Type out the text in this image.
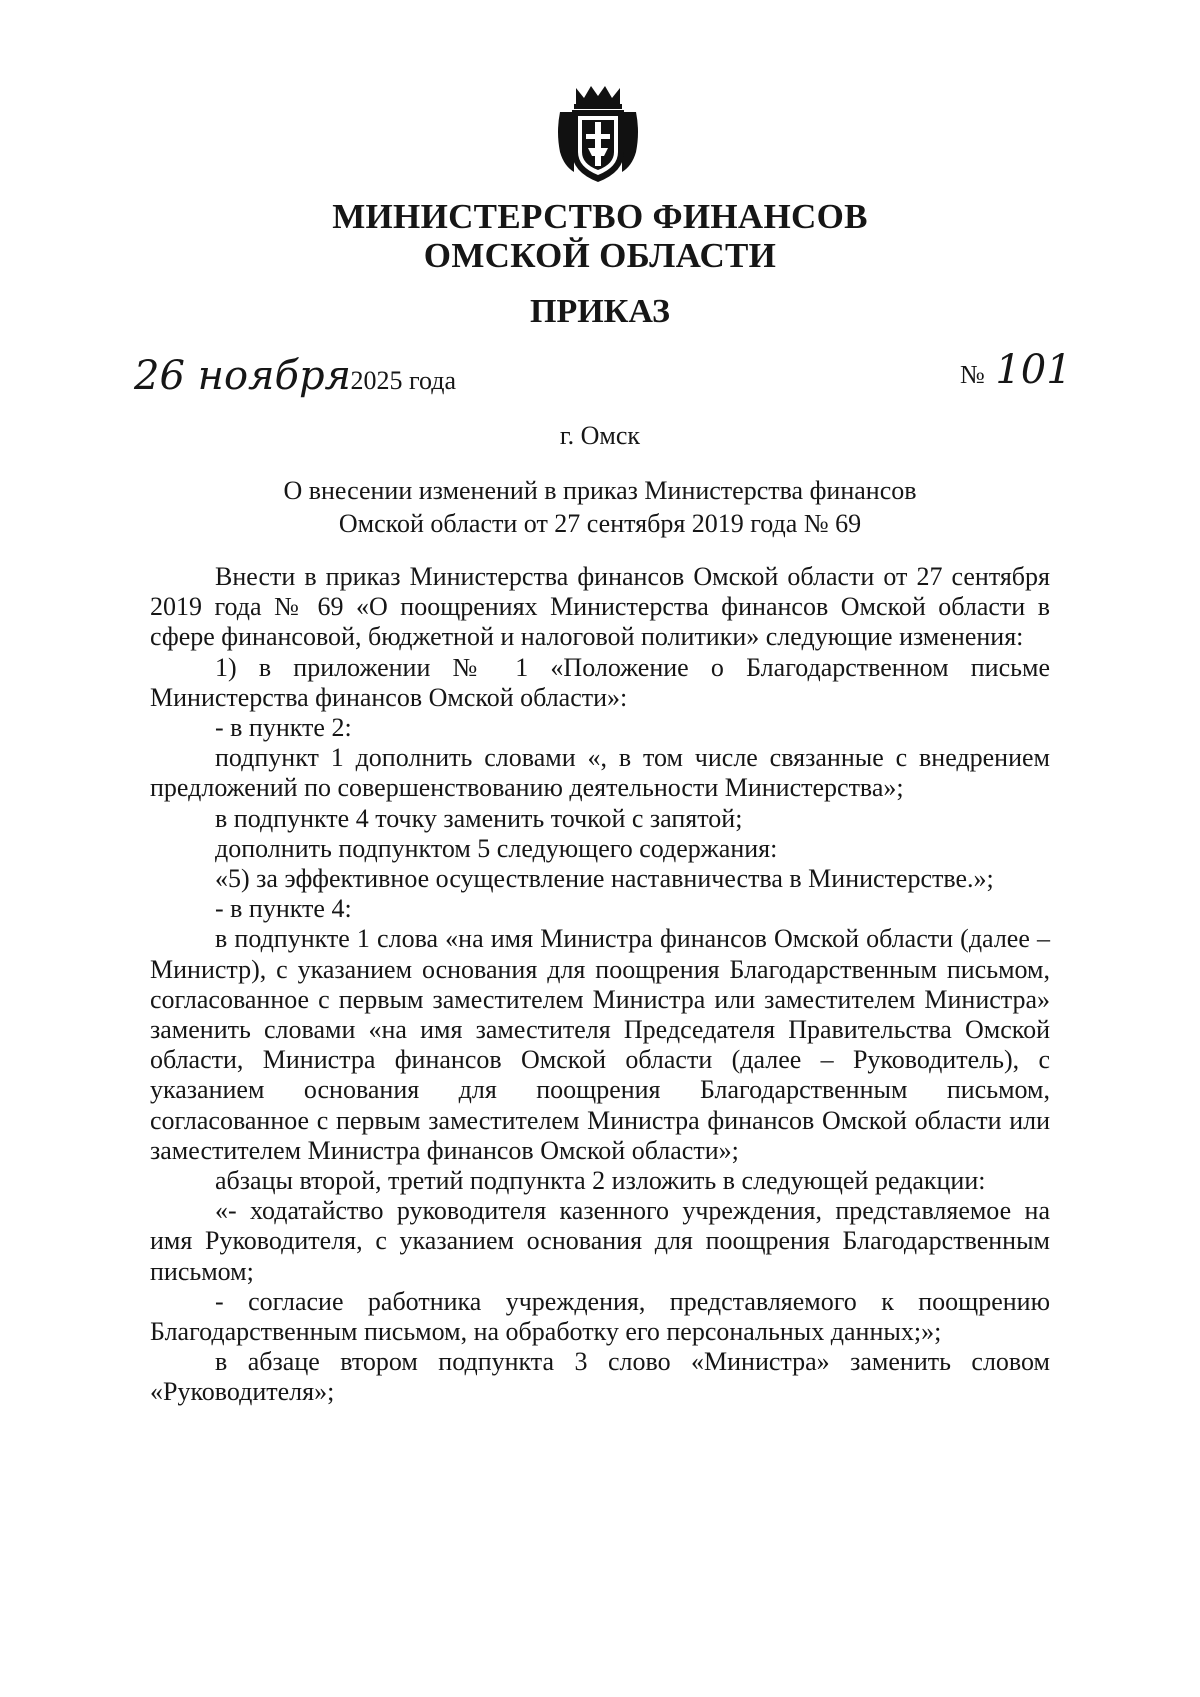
МИНИСТЕРСТВО ФИНАНСОВ
ОМСКОЙ ОБЛАСТИ
ПРИКАЗ
26 ноября 2025 года	№ 101
г. Омск
О внесении изменений в приказ Министерства финансов
Омской области от 27 сентября 2019 года № 69

Внести в приказ Министерства финансов Омской области от 27 сентября 2019 года № 69 «О поощрениях Министерства финансов Омской области в сфере финансовой, бюджетной и налоговой политики» следующие изменения:

1) в приложении № 1 «Положение о Благодарственном письме Министерства финансов Омской области»:

- в пункте 2:

подпункт 1 дополнить словами «, в том числе связанные с внедрением предложений по совершенствованию деятельности Министерства»;

в подпункте 4 точку заменить точкой с запятой;

дополнить подпунктом 5 следующего содержания:

«5) за эффективное осуществление наставничества в Министерстве.»;

- в пункте 4:

в подпункте 1 слова «на имя Министра финансов Омской области (далее – Министр), с указанием основания для поощрения Благодарственным письмом, согласованное с первым заместителем Министра или заместителем Министра» заменить словами «на имя заместителя Председателя Правительства Омской области, Министра финансов Омской области (далее – Руководитель), с указанием основания для поощрения Благодарственным письмом, согласованное с первым заместителем Министра финансов Омской области или заместителем Министра финансов Омской области»;

абзацы второй, третий подпункта 2 изложить в следующей редакции:

«- ходатайство руководителя казенного учреждения, представляемое на имя Руководителя, с указанием основания для поощрения Благодарственным письмом;

- согласие работника учреждения, представляемого к поощрению Благодарственным письмом, на обработку его персональных данных;»;

в абзаце втором подпункта 3 слово «Министра» заменить словом «Руководителя»;
